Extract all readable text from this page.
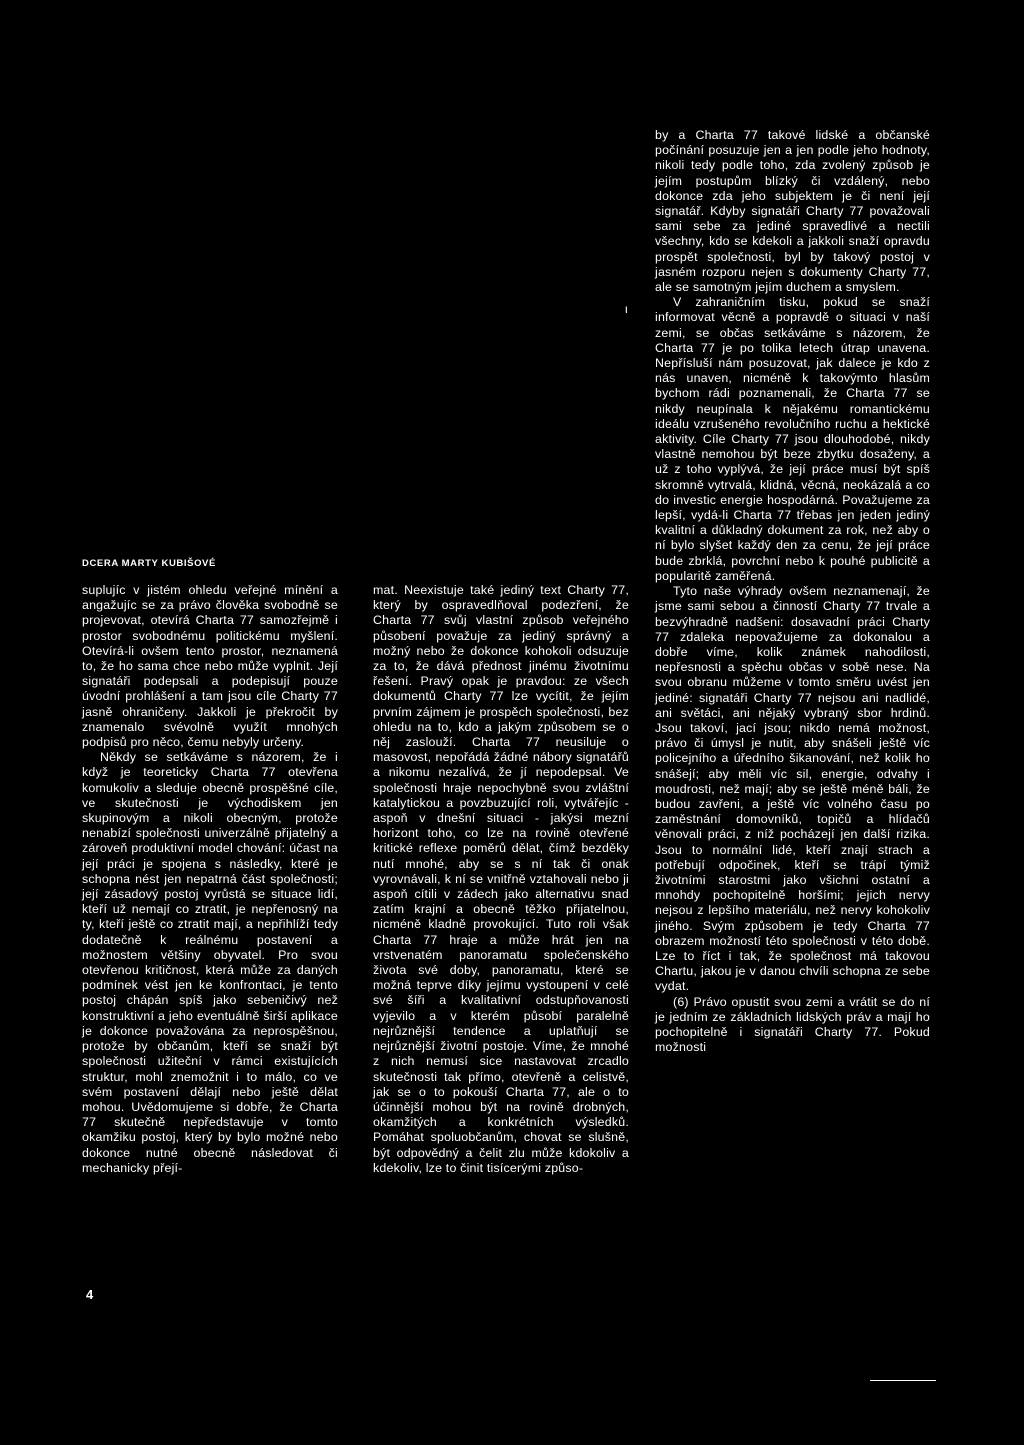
ι
DCERA MARTY KUBIŠOVÉ

suplujíc v jistém ohledu veřejné mínění a angažujíc se za právo člověka svobodně se projevovat, otevírá Charta 77 samozřejmě i prostor svobodnému politickému myšlení. Otevírá-li ovšem tento prostor, neznamená to, že ho sama chce nebo může vyplnit. Její signatáři podepsali a podepisují pouze úvodní prohlášení a tam jsou cíle Charty 77 jasně ohraničeny. Jakkoli je překročit by znamenalo svévolně využít mnohých podpisů pro něco, čemu nebyly určeny.

Někdy se setkáváme s názorem, že i když je teoreticky Charta 77 otevřena komukoliv a sleduje obecně prospěšné cíle, ve skutečnosti je východiskem jen skupinovým a nikoli obecným, protože nenabízí společnosti univerzálně přijatelný a zároveň produktivní model chování: účast na její práci je spojena s následky, které je schopna nést jen nepatrná část společnosti; její zásadový postoj vyrůstá se situace lidí, kteří už nemají co ztratit, je nepřenosný na ty, kteří ještě co ztratit mají, a nepřihlíží tedy dodatečně k reálnému postavení a možnostem většiny obyvatel. Pro svou otevřenou kritičnost, která může za daných podmínek vést jen ke konfrontaci, je tento postoj chápán spíš jako sebeničivý než konstruktivní a jeho eventuálně širší aplikace je dokonce považována za neprospěšnou, protože by občanům, kteří se snaží být společnosti užiteční v rámci existujících struktur, mohl znemožnit i to málo, co ve svém postavení dělají nebo ještě dělat mohou. Uvědomujeme si dobře, že Charta 77 skutečně nepředstavuje v tomto okamžiku postoj, který by bylo možné nebo dokonce nutné obecně následovat či mechanicky přejí-

mat. Neexistuje také jediný text Charty 77, který by ospravedlňoval podezření, že Charta 77 svůj vlastní způsob veřejného působení považuje za jediný správný a možný nebo že dokonce kohokoli odsuzuje za to, že dává přednost jinému životnímu řešení. Pravý opak je pravdou: ze všech dokumentů Charty 77 lze vycítit, že jejím prvním zájmem je prospěch společnosti, bez ohledu na to, kdo a jakým způsobem se o něj zaslouží. Charta 77 neusiluje o masovost, nepořádá žádné nábory signatářů a nikomu nezalívá, že jí nepodepsal. Ve společnosti hraje nepochybně svou zvláštní katalytickou a povzbuzující roli, vytvářejíc - aspoň v dnešní situaci - jakýsi mezní horizont toho, co lze na rovině otevřené kritické reflexe poměrů dělat, čímž bezděky nutí mnohé, aby se s ní tak či onak vyrovnávali, k ní se vnitřně vztahovali nebo ji aspoň cítili v zádech jako alternativu snad zatím krajní a obecně těžko přijatelnou, nicméně kladně provokující. Tuto roli však Charta 77 hraje a může hrát jen na vrstvenatém panoramatu společenského života své doby, panoramatu, které se možná teprve díky jejímu vystoupení v celé své šíři a kvalitativní odstupňovanosti vyjevilo a v kterém působí paralelně nejrůznější tendence a uplatňují se nejrůznější životní postoje. Víme, že mnohé z nich nemusí sice nastavovat zrcadlo skutečnosti tak přímo, otevřeně a celistvě, jak se o to pokouší Charta 77, ale o to účinnější mohou být na rovině drobných, okamžitých a konkrétních výsledků. Pomáhat spoluobčanům, chovat se slušně, být odpovědný a čelit zlu může kdokoliv a kdekoliv, lze to činit tisícerými způso-

by a Charta 77 takové lidské a občanské počínání posuzuje jen a jen podle jeho hodnoty, nikoli tedy podle toho, zda zvolený způsob je jejím postupům blízký či vzdálený, nebo dokonce zda jeho subjektem je či není její signatář. Kdyby signatáři Charty 77 považovali sami sebe za jediné spravedlivé a nectili všechny, kdo se kdekoli a jakkoli snaží opravdu prospět společnosti, byl by takový postoj v jasném rozporu nejen s dokumenty Charty 77, ale se samotným jejím duchem a smyslem.

V zahraničním tisku, pokud se snaží informovat věcně a popravdě o situaci v naší zemi, se občas setkáváme s názorem, že Charta 77 je po tolika letech útrap unavena. Nepřísluší nám posuzovat, jak dalece je kdo z nás unaven, nicméně k takovýmto hlasům bychom rádi poznamenali, že Charta 77 se nikdy neupínala k nějakému romantickému ideálu vzrušeného revolučního ruchu a hektické aktivity. Cíle Charty 77 jsou dlouhodobé, nikdy vlastně nemohou být beze zbytku dosaženy, a už z toho vyplývá, že její práce musí být spíš skromně vytrvalá, klidná, věcná, neokázalá a co do investic energie hospodárná. Považujeme za lepší, vydá-li Charta 77 třebas jen jeden jediný kvalitní a důkladný dokument za rok, než aby o ní bylo slyšet každý den za cenu, že její práce bude zbrklá, povrchní nebo k pouhé publicitě a popularitě zaměřená.

Tyto naše výhrady ovšem neznamenají, že jsme sami sebou a činností Charty 77 trvale a bezvýhradně nadšeni: dosavadní práci Charty 77 zdaleka nepovažujeme za dokonalou a dobře víme, kolik známek nahodilosti, nepřesnosti a spěchu občas v sobě nese. Na svou obranu můžeme v tomto směru uvést jen jediné: signatáři Charty 77 nejsou ani nadlidé, ani světáci, ani nějaký vybraný sbor hrdinů. Jsou takoví, jací jsou; nikdo nemá možnost, právo či úmysl je nutit, aby snášeli ještě víc policejního a úředního šikanování, než kolik ho snášejí; aby měli víc sil, energie, odvahy i moudrosti, než mají; aby se ještě méně báli, že budou zavřeni, a ještě víc volného času po zaměstnání domovníků, topičů a hlídačů věnovali práci, z níž pocházejí jen další rizika. Jsou to normální lidé, kteří znají strach a potřebují odpočinek, kteří se trápí týmiž životními starostmi jako všichni ostatní a mnohdy pochopitelně horšími; jejich nervy nejsou z lepšího materiálu, než nervy kohokoliv jiného. Svým způsobem je tedy Charta 77 obrazem možností této společnosti v této době. Lze to říct i tak, že společnost má takovou Chartu, jakou je v danou chvíli schopna ze sebe vydat.

(6) Právo opustit svou zemi a vrátit se do ní je jedním ze základních lidských práv a mají ho pochopitelně i signatáři Charty 77. Pokud možnosti

4
